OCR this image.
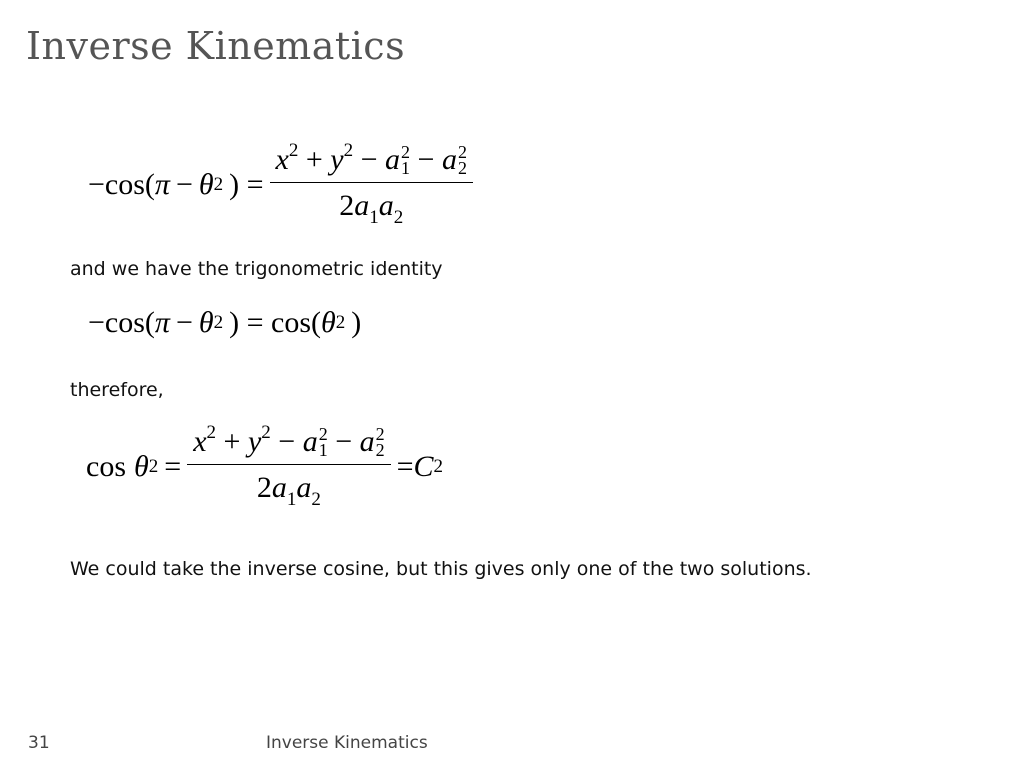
Inverse Kinematics
−cos( π  −  θ 2  ) = $x^2 + y^2 - a$ 2
1 − a 2
2
$2a_1a_2$
and we have the trigonometric identity
−cos( π  −  θ 2  ) = cos( θ 2  )
therefore,
cos θ $2 = x^2 + y^2 - a$ 2
1 − a 2
2
$2a_1a_2 = C$ 2
We could take the inverse cosine, but this gives only one of the two solutions.
31	Inverse Kinematics
